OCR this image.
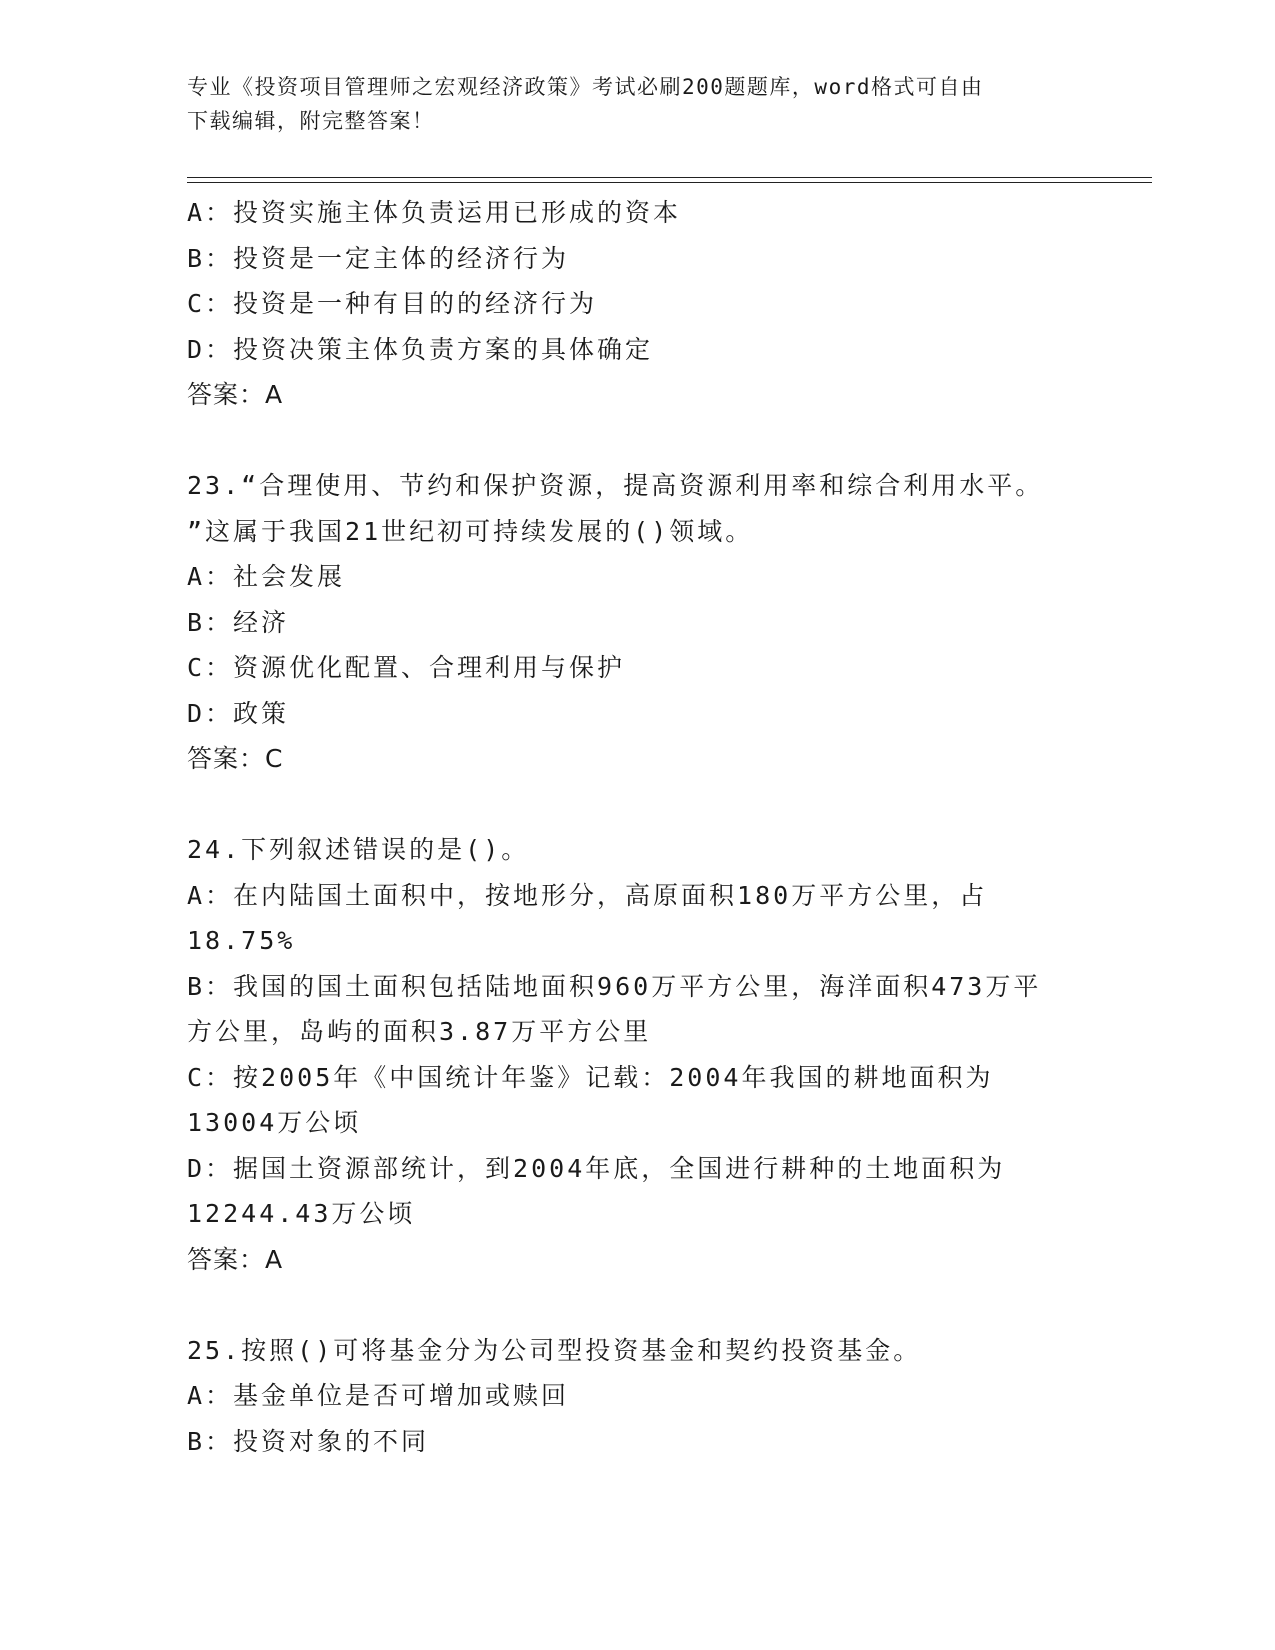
专业《投资项目管理师之宏观经济政策》考试必刷200题题库，word格式可自由
下载编辑，附完整答案！
A：投资实施主体负责运用已形成的资本
B：投资是一定主体的经济行为
C：投资是一种有目的的经济行为
D：投资决策主体负责方案的具体确定
答案：A
23.“合理使用、节约和保护资源，提高资源利用率和综合利用水平。
”这属于我国21世纪初可持续发展的()领域。
A：社会发展
B：经济
C：资源优化配置、合理利用与保护
D：政策
答案：C
24.下列叙述错误的是()。
A：在内陆国土面积中，按地形分，高原面积180万平方公里，占
18.75%
B：我国的国土面积包括陆地面积960万平方公里，海洋面积473万平
方公里，岛屿的面积3.87万平方公里
C：按2005年《中国统计年鉴》记载：2004年我国的耕地面积为
13004万公顷
D：据国土资源部统计，到2004年底，全国进行耕种的土地面积为
12244.43万公顷
答案：A
25.按照()可将基金分为公司型投资基金和契约投资基金。
A：基金单位是否可增加或赎回
B：投资对象的不同
